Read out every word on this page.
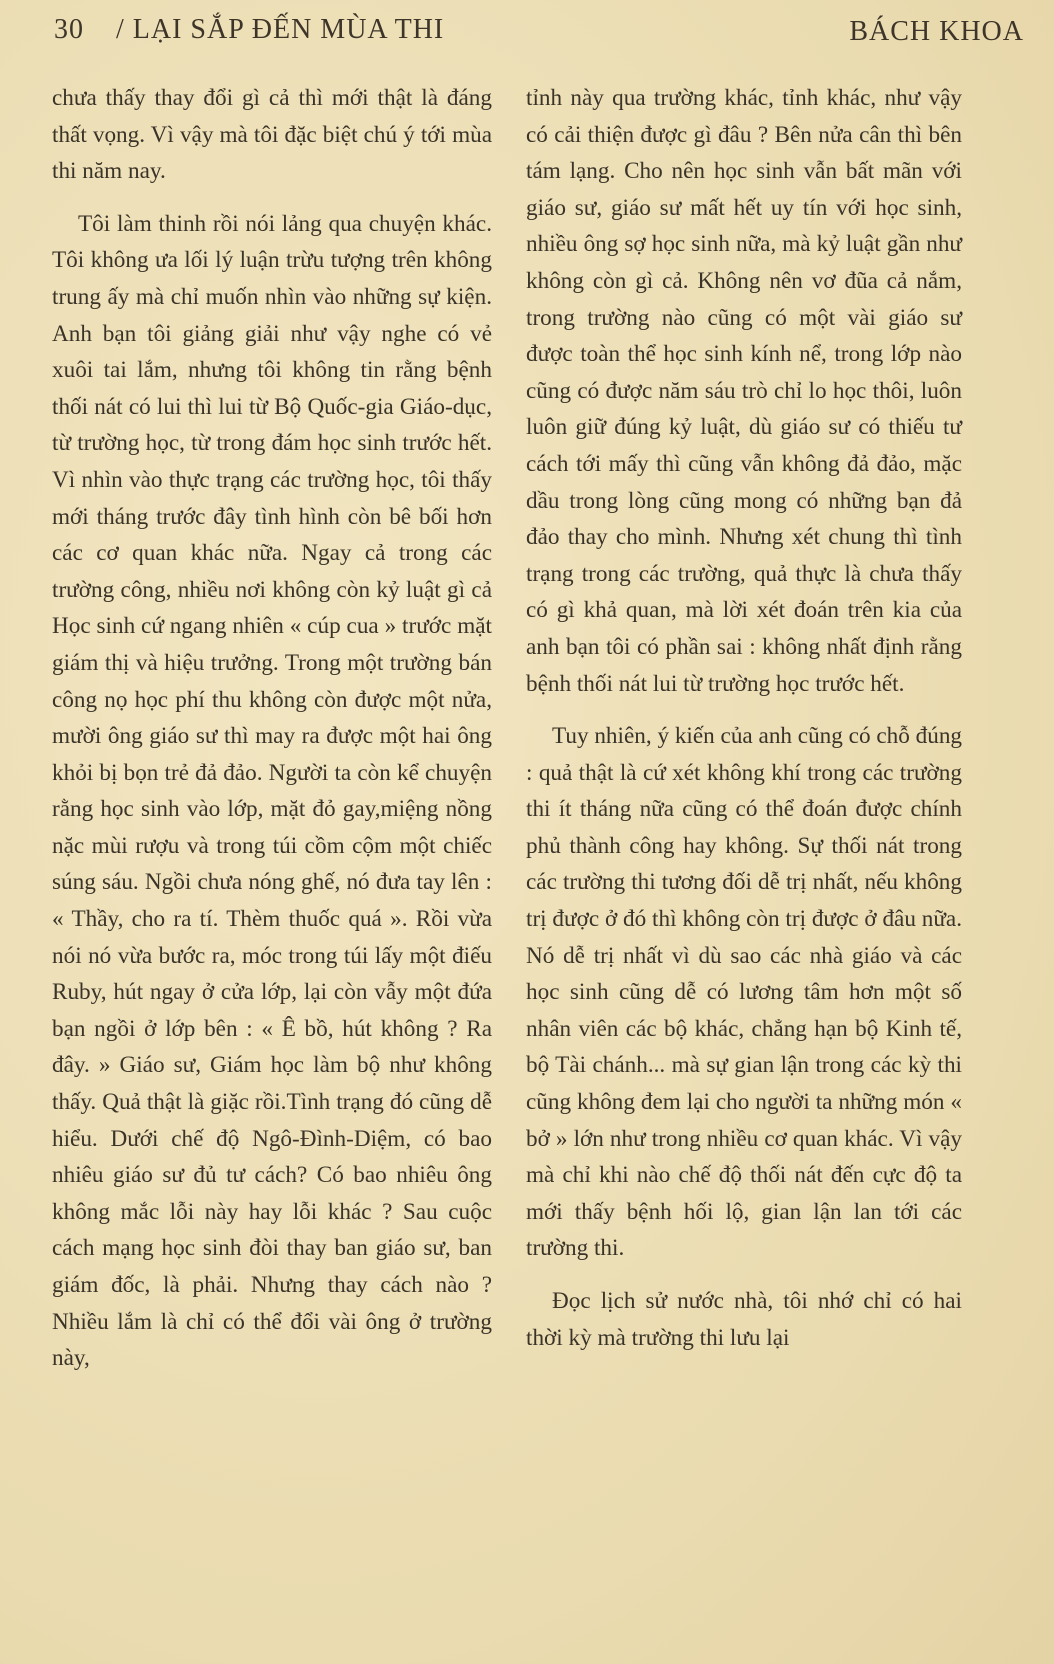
30 / LẠI SẮP ĐẾN MÙA THI	BÁCH KHOA

chưa thấy thay đổi gì cả thì mới thật là đáng thất vọng. Vì vậy mà tôi đặc biệt chú ý tới mùa thi năm nay.

Tôi làm thinh rồi nói lảng qua chuyện khác. Tôi không ưa lối lý luận trừu tượng trên không trung ấy mà chỉ muốn nhìn vào những sự kiện. Anh bạn tôi giảng giải như vậy nghe có vẻ xuôi tai lắm, nhưng tôi không tin rằng bệnh thối nát có lui thì lui từ Bộ Quốc-gia Giáo-dục, từ trường học, từ trong đám học sinh trước hết. Vì nhìn vào thực trạng các trường học, tôi thấy mới tháng trước đây tình hình còn bê bối hơn các cơ quan khác nữa. Ngay cả trong các trường công, nhiều nơi không còn kỷ luật gì cả Học sinh cứ ngang nhiên « cúp cua » trước mặt giám thị và hiệu trưởng. Trong một trường bán công nọ học phí thu không còn được một nửa, mười ông giáo sư thì may ra được một hai ông khỏi bị bọn trẻ đả đảo. Người ta còn kể chuyện rằng học sinh vào lớp, mặt đỏ gay,miệng nồng nặc mùi rượu và trong túi cồm cộm một chiếc súng sáu. Ngồi chưa nóng ghế, nó đưa tay lên : « Thầy, cho ra tí. Thèm thuốc quá ». Rồi vừa nói nó vừa bước ra, móc trong túi lấy một điếu Ruby, hút ngay ở cửa lớp, lại còn vẫy một đứa bạn ngồi ở lớp bên : « Ê bồ, hút không ? Ra đây. » Giáo sư, Giám học làm bộ như không thấy. Quả thật là giặc rồi.Tình trạng đó cũng dễ hiểu. Dưới chế độ Ngô-Đình-Diệm, có bao nhiêu giáo sư đủ tư cách? Có bao nhiêu ông không mắc lỗi này hay lỗi khác ? Sau cuộc cách mạng học sinh đòi thay ban giáo sư, ban giám đốc, là phải. Nhưng thay cách nào ? Nhiều lắm là chỉ có thể đổi vài ông ở trường này,

tỉnh này qua trường khác, tỉnh khác, như vậy có cải thiện được gì đâu ? Bên nửa cân thì bên tám lạng. Cho nên học sinh vẫn bất mãn với giáo sư, giáo sư mất hết uy tín với học sinh, nhiều ông sợ học sinh nữa, mà kỷ luật gần như không còn gì cả. Không nên vơ đũa cả nắm, trong trường nào cũng có một vài giáo sư được toàn thể học sinh kính nể, trong lớp nào cũng có được năm sáu trò chỉ lo học thôi, luôn luôn giữ đúng kỷ luật, dù giáo sư có thiếu tư cách tới mấy thì cũng vẫn không đả đảo, mặc dầu trong lòng cũng mong có những bạn đả đảo thay cho mình. Nhưng xét chung thì tình trạng trong các trường, quả thực là chưa thấy có gì khả quan, mà lời xét đoán trên kia của anh bạn tôi có phần sai : không nhất định rằng bệnh thối nát lui từ trường học trước hết.

Tuy nhiên, ý kiến của anh cũng có chỗ đúng : quả thật là cứ xét không khí trong các trường thi ít tháng nữa cũng có thể đoán được chính phủ thành công hay không. Sự thối nát trong các trường thi tương đối dễ trị nhất, nếu không trị được ở đó thì không còn trị được ở đâu nữa. Nó dễ trị nhất vì dù sao các nhà giáo và các học sinh cũng dễ có lương tâm hơn một số nhân viên các bộ khác, chẳng hạn bộ Kinh tế, bộ Tài chánh... mà sự gian lận trong các kỳ thi cũng không đem lại cho người ta những món « bở » lớn như trong nhiều cơ quan khác. Vì vậy mà chỉ khi nào chế độ thối nát đến cực độ ta mới thấy bệnh hối lộ, gian lận lan tới các trường thi.

Đọc lịch sử nước nhà, tôi nhớ chỉ có hai thời kỳ mà trường thi lưu lại
